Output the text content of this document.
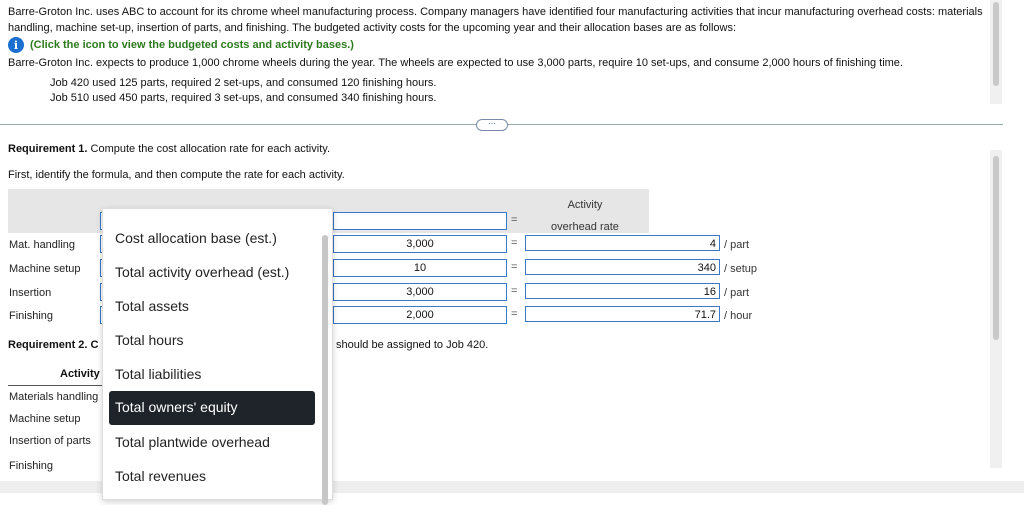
Barre-Groton Inc. uses ABC to account for its chrome wheel manufacturing process. Company managers have identified four manufacturing activities that incur manufacturing overhead costs: materials handling, machine set-up, insertion of parts, and finishing. The budgeted activity costs for the upcoming year and their allocation bases are as follows:
i	(Click the icon to view the budgeted costs and activity bases.)
Barre-Groton Inc. expects to produce 1,000 chrome wheels during the year. The wheels are expected to use 3,000 parts, require 10 set-ups, and consume 2,000 hours of finishing time.
Job 420 used 125 parts, required 2 set-ups, and consumed 120 finishing hours.
Job 510 used 450 parts, required 3 set-ups, and consumed 340 finishing hours.
⋯
Requirement 1. Compute the cost allocation rate for each activity.
First, identify the formula, and then compute the rate for each activity.
Activity
overhead rate
=
Mat. handling	3,000	=	4 / part
Machine setup	10	=	340 / setup
Insertion	3,000	=	16 / part
Finishing	2,000	=	71.7 / hour
Requirement 2. C	should be assigned to Job 420.
Activity
Materials handling
Machine setup
Insertion of parts
Finishing
Cost allocation base (est.)
Total activity overhead (est.)
Total assets
Total hours
Total liabilities
Total owners' equity
Total plantwide overhead
Total revenues
